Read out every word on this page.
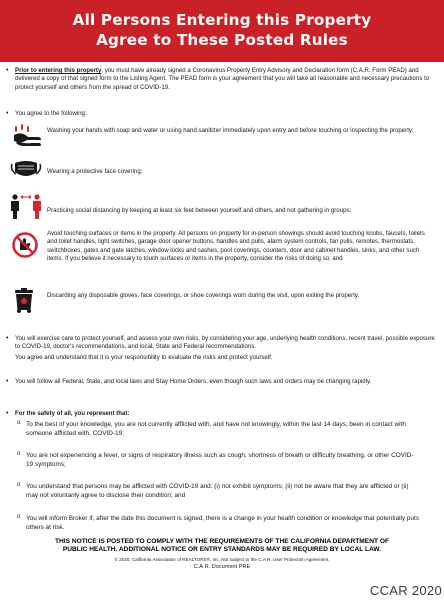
All Persons Entering this Property
Agree to These Posted Rules
• Prior to entering this property, you must have already signed a Coronavirus Property Entry Advisory and Declaration form (C.A.R. Form PEAD) and delivered a copy of that signed form to the Listing Agent. The PEAD form is your agreement that you will take all reasonable and necessary precautions to protect yourself and others from the spread of COVID-19.
• You agree to the following:
Washing your hands with soap and water or using hand sanitizer immediately upon entry and before touching or inspecting the property;
Wearing a protective face covering;
Practicing social distancing by keeping at least six feet between yourself and others, and not gathering in groups;
Avoid touching surfaces or items in the property. All persons on property for in-person showings should avoid touching knobs, faucets, toilets and toilet handles, light switches, garage door opener buttons, handles and pulls, alarm system controls, fan pulls, remotes, thermostats, switchboxes, gates and gate latches, window locks and sashes, pool coverings, counters, door and cabinet handles, sinks, and other such items. If you believe it necessary to touch surfaces or items in the property, consider the risks of doing so; and
Discarding any disposable gloves, face coverings, or shoe coverings worn during the visit, upon exiting the property.
• You will exercise care to protect yourself, and assess your own risks, by considering your age, underlying health conditions, recent travel, possible exposure to COVID-19, doctor's recommendations, and local, State and Federal recommendations.
You agree and understand that it is your responsibility to evaluate the risks and protect yourself.
• You will follow all Federal, State, and local laws and Stay Home Orders, even though such laws and orders may be changing rapidly.
• For the safety of all, you represent that:
o To the best of your knowledge, you are not currently afflicted with, and have not knowingly, within the last 14 days, been in contact with someone afflicted with, COVID-19;
o You are not experiencing a fever, or signs of respiratory illness such as cough, shortness of breath or difficulty breathing, or other COVID-19 symptoms;
o You understand that persons may be afflicted with COVID-19 and: (i) not exhibit symptoms; (ii) not be aware that they are afflicted or (ii) may not voluntarily agree to disclose their condition; and
o You will inform Broker if, after the date this document is signed, there is a change in your health condition or knowledge that potentially puts others at risk.
THIS NOTICE IS POSTED TO COMPLY WITH THE REQUIREMENTS OF THE CALIFORNIA DEPARTMENT OF
PUBLIC HEALTH. ADDITIONAL NOTICE OR ENTRY STANDARDS MAY BE REQUIRED BY LOCAL LAW.
© 2020, California Association of REALTORS®, Inc. Not subject to the C.A.R. User Protection Agreement.
C.A.R. Document PRE
CCAR 2020
